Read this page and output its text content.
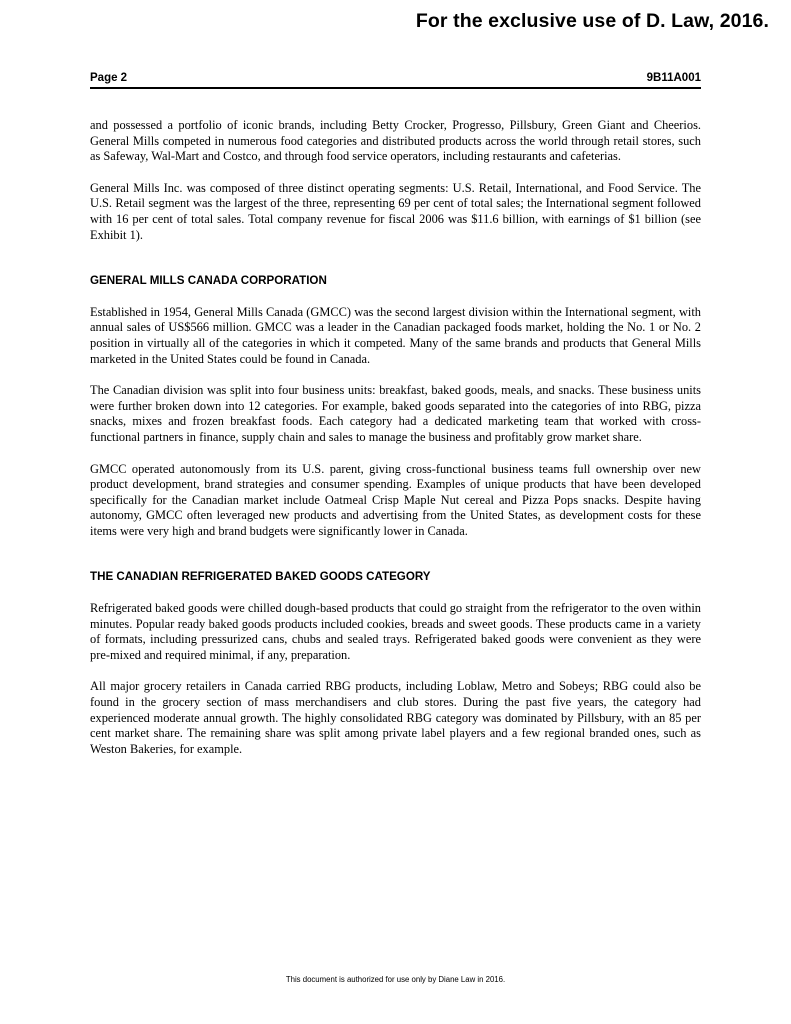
For the exclusive use of D. Law, 2016.
Page 2	9B11A001

and possessed a portfolio of iconic brands, including Betty Crocker, Progresso, Pillsbury, Green Giant and Cheerios. General Mills competed in numerous food categories and distributed products across the world through retail stores, such as Safeway, Wal-Mart and Costco, and through food service operators, including restaurants and cafeterias.

General Mills Inc. was composed of three distinct operating segments: U.S. Retail, International, and Food Service. The U.S. Retail segment was the largest of the three, representing 69 per cent of total sales; the International segment followed with 16 per cent of total sales. Total company revenue for fiscal 2006 was $11.6 billion, with earnings of $1 billion (see Exhibit 1).

GENERAL MILLS CANADA CORPORATION

Established in 1954, General Mills Canada (GMCC) was the second largest division within the International segment, with annual sales of US$566 million. GMCC was a leader in the Canadian packaged foods market, holding the No. 1 or No. 2 position in virtually all of the categories in which it competed. Many of the same brands and products that General Mills marketed in the United States could be found in Canada.

The Canadian division was split into four business units: breakfast, baked goods, meals, and snacks. These business units were further broken down into 12 categories. For example, baked goods separated into the categories of into RBG, pizza snacks, mixes and frozen breakfast foods. Each category had a dedicated marketing team that worked with cross-functional partners in finance, supply chain and sales to manage the business and profitably grow market share.

GMCC operated autonomously from its U.S. parent, giving cross-functional business teams full ownership over new product development, brand strategies and consumer spending. Examples of unique products that have been developed specifically for the Canadian market include Oatmeal Crisp Maple Nut cereal and Pizza Pops snacks. Despite having autonomy, GMCC often leveraged new products and advertising from the United States, as development costs for these items were very high and brand budgets were significantly lower in Canada.

THE CANADIAN REFRIGERATED BAKED GOODS CATEGORY

Refrigerated baked goods were chilled dough-based products that could go straight from the refrigerator to the oven within minutes. Popular ready baked goods products included cookies, breads and sweet goods. These products came in a variety of formats, including pressurized cans, chubs and sealed trays. Refrigerated baked goods were convenient as they were pre-mixed and required minimal, if any, preparation.

All major grocery retailers in Canada carried RBG products, including Loblaw, Metro and Sobeys; RBG could also be found in the grocery section of mass merchandisers and club stores. During the past five years, the category had experienced moderate annual growth. The highly consolidated RBG category was dominated by Pillsbury, with an 85 per cent market share. The remaining share was split among private label players and a few regional branded ones, such as Weston Bakeries, for example.

This document is authorized for use only by Diane Law in 2016.
